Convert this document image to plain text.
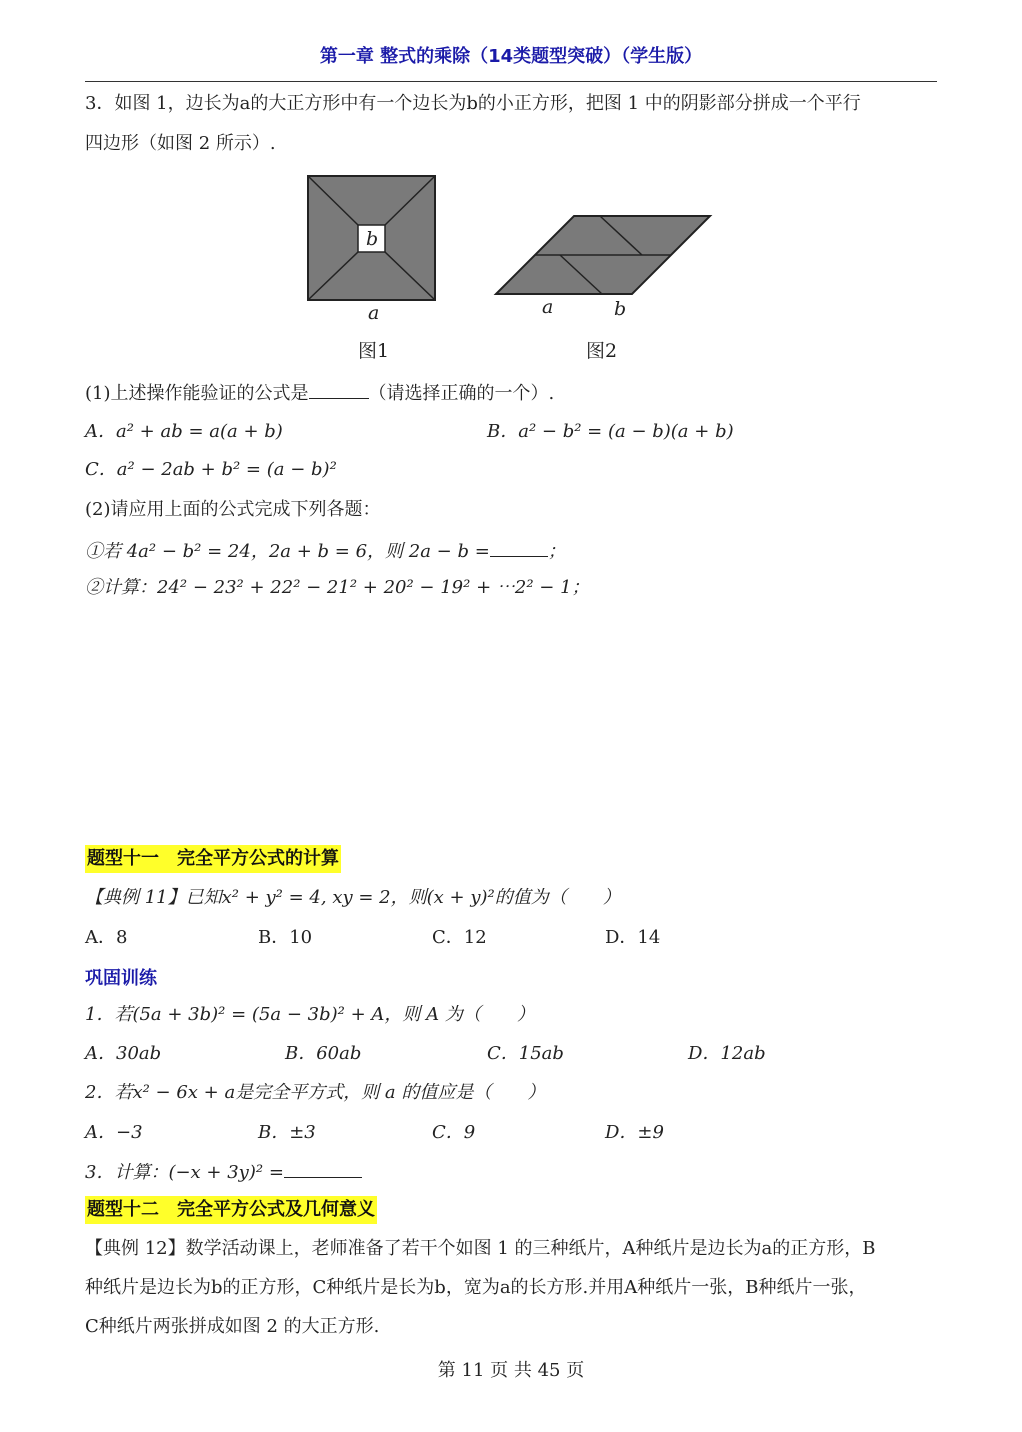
第一章 整式的乘除（14类题型突破）（学生版）
3．如图 1，边长为a的大正方形中有一个边长为b的小正方形，把图 1 中的阴影部分拼成一个平行
四边形（如图 2 所示）.
b
a
图1
a	b
图2
(1)上述操作能验证的公式是	（请选择正确的一个）.
A．a² + ab = a(a + b)	B．a² − b² = (a − b)(a + b)
C．a² − 2ab + b² = (a − b)²
(2)请应用上面的公式完成下列各题：
①若 4a² − b² = 24，2a + b = 6，则 2a − b =	；
②计算：24² − 23² + 22² − 21² + 20² − 19² + ⋯2² − 1；
题型十一　完全平方公式的计算
【典例 11】已知x² + y² = 4, xy = 2，则(x + y)²的值为（　　）
A．8	B．10	C．12	D．14
巩固训练
1．若(5a + 3b)² = (5a − 3b)² + A，则 A 为（　　）
A．30ab	B．60ab	C．15ab	D．12ab
2．若x² − 6x + a是完全平方式，则 a 的值应是（　　）
A．−3	B．±3	C．9	D．±9
3．计算：(−x + 3y)² =
题型十二　完全平方公式及几何意义
【典例 12】数学活动课上，老师准备了若干个如图 1 的三种纸片，A种纸片是边长为a的正方形，B
种纸片是边长为b的正方形，C种纸片是长为b，宽为a的长方形.并用A种纸片一张，B种纸片一张，
C种纸片两张拼成如图 2 的大正方形.
第 11 页 共 45 页
